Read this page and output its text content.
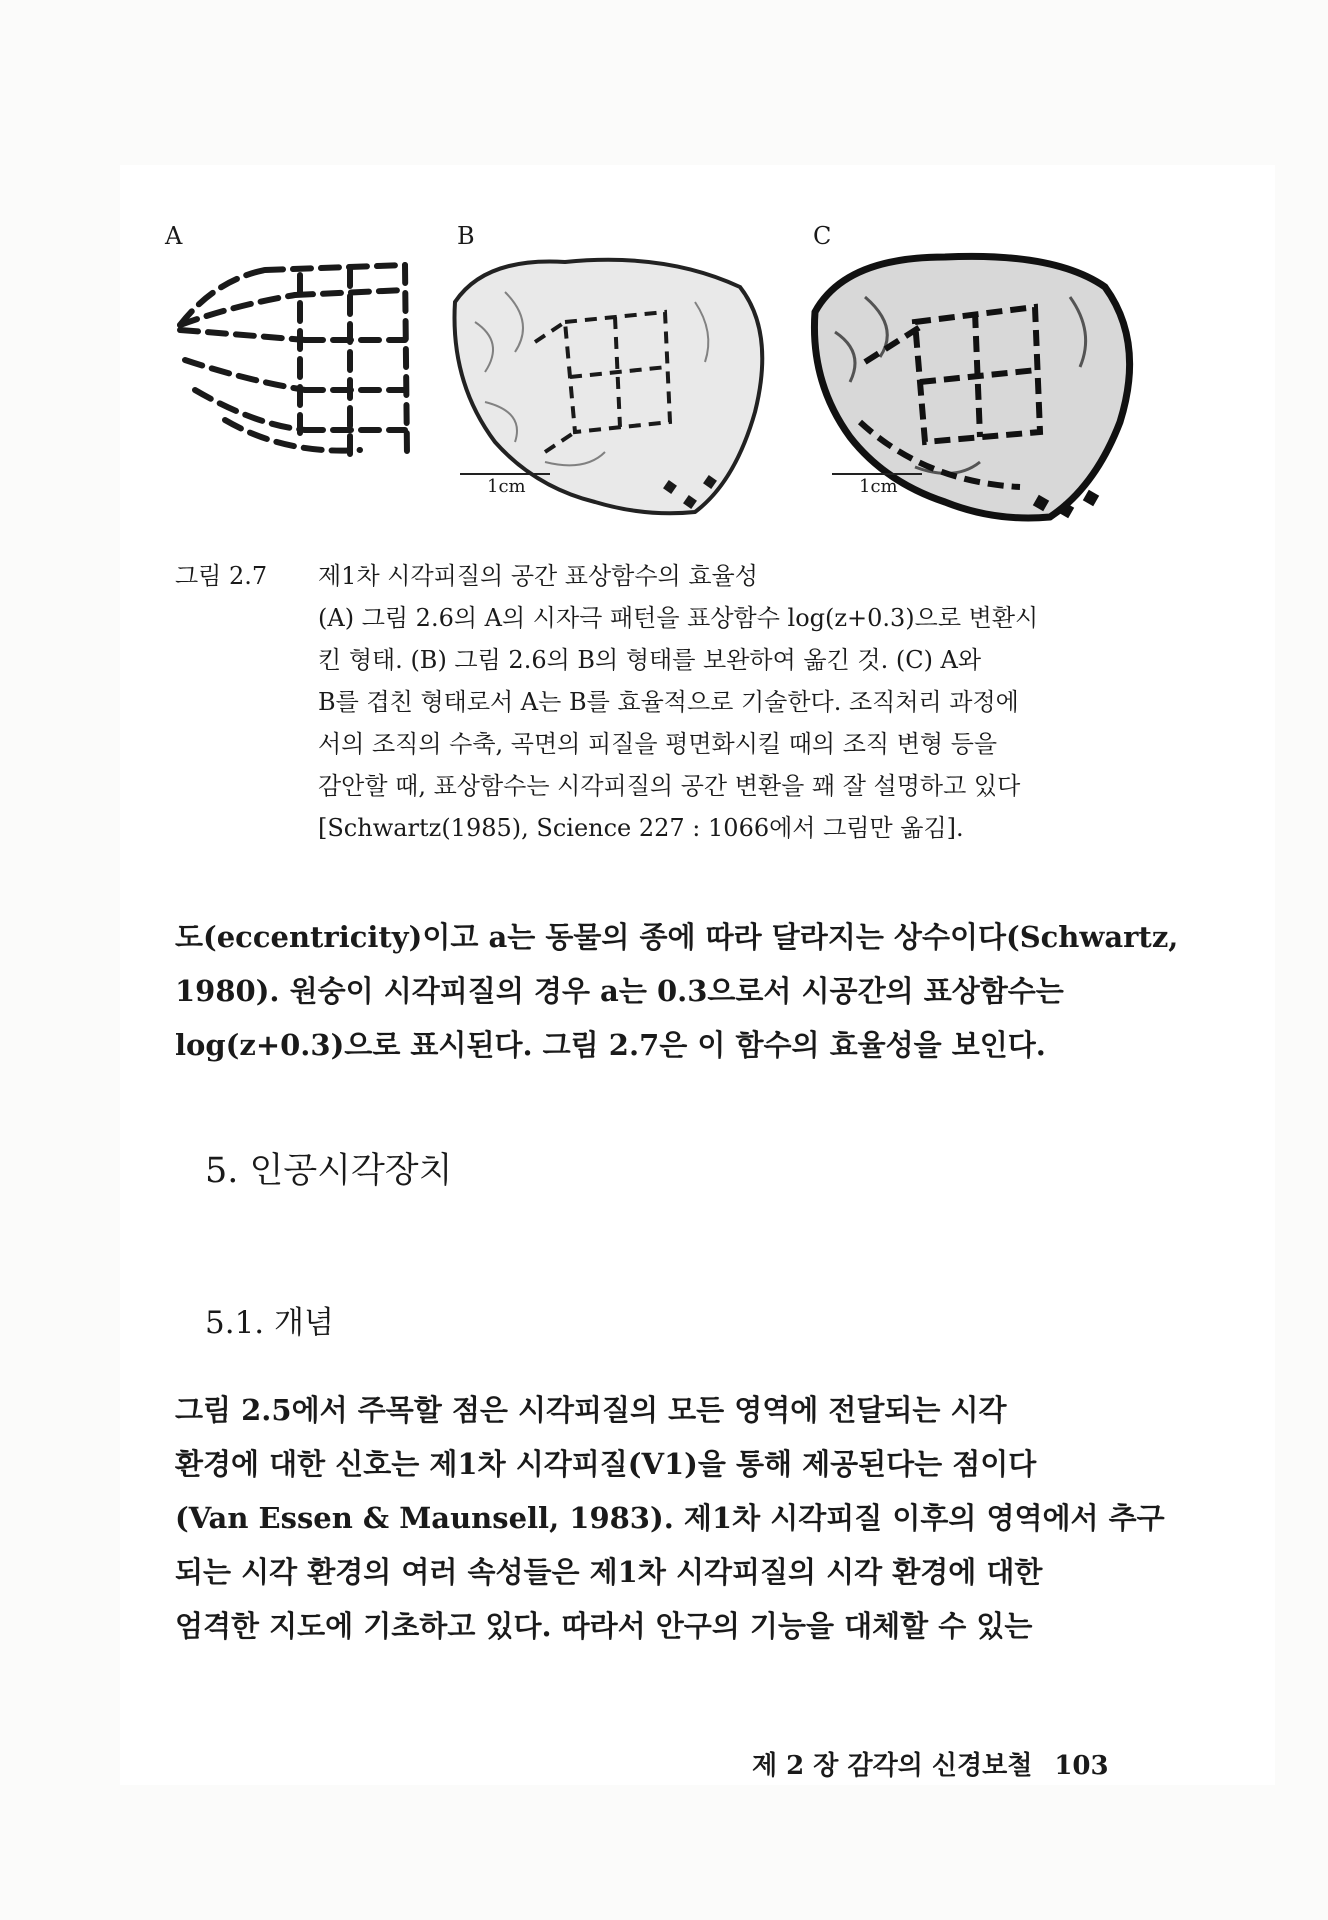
A	B	C
1cm	1cm
그림 2.7 제1차 시각피질의 공간 표상함수의 효율성
(A) 그림 2.6의 A의 시자극 패턴을 표상함수 log(z+0.3)으로 변환시
킨 형태. (B) 그림 2.6의 B의 형태를 보완하여 옮긴 것. (C) A와
B를 겹친 형태로서 A는 B를 효율적으로 기술한다. 조직처리 과정에
서의 조직의 수축, 곡면의 피질을 평면화시킬 때의 조직 변형 등을
감안할 때, 표상함수는 시각피질의 공간 변환을 꽤 잘 설명하고 있다
[Schwartz(1985), Science 227 : 1066에서 그림만 옮김].
도(eccentricity)이고 a는 동물의 종에 따라 달라지는 상수이다(Schwartz,
1980). 원숭이 시각피질의 경우 a는 0.3으로서 시공간의 표상함수는
log(z+0.3)으로 표시된다. 그림 2.7은 이 함수의 효율성을 보인다.
5. 인공시각장치
5.1. 개념
그림 2.5에서 주목할 점은 시각피질의 모든 영역에 전달되는 시각
환경에 대한 신호는 제1차 시각피질(V1)을 통해 제공된다는 점이다
(Van Essen & Maunsell, 1983). 제1차 시각피질 이후의 영역에서 추구
되는 시각 환경의 여러 속성들은 제1차 시각피질의 시각 환경에 대한
엄격한 지도에 기초하고 있다. 따라서 안구의 기능을 대체할 수 있는
제 2 장 감각의 신경보철 103
